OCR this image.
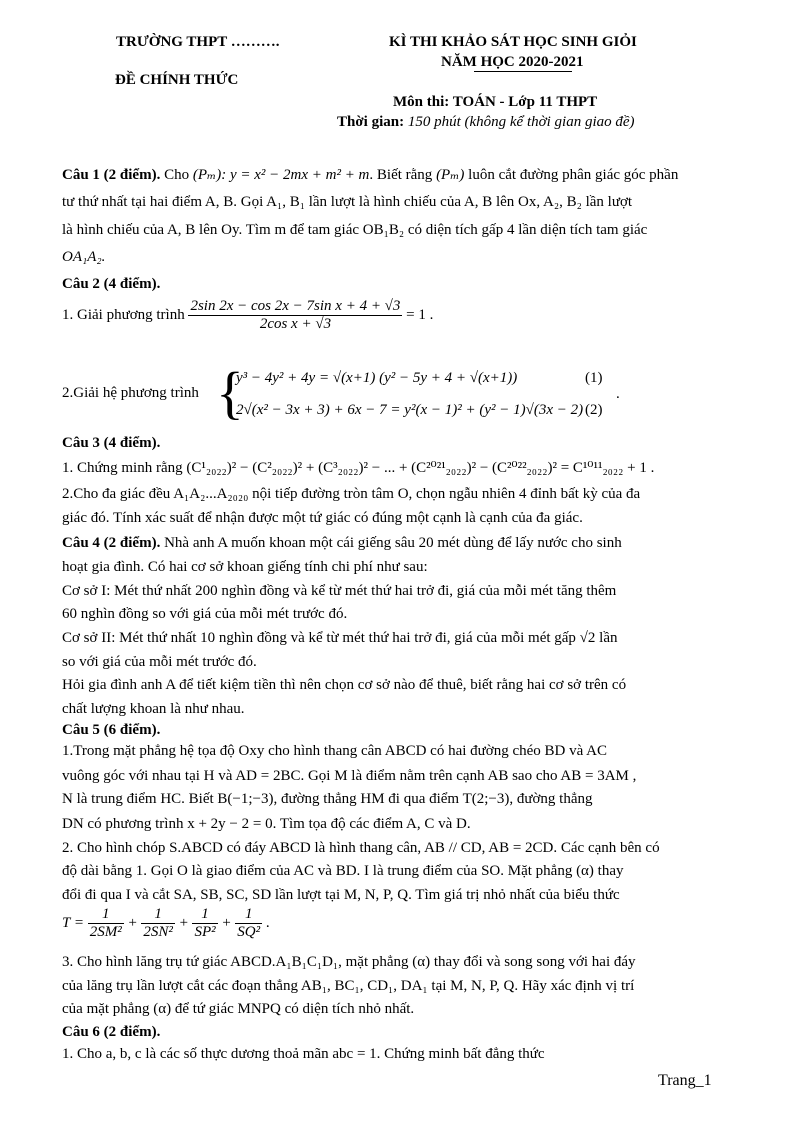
TRƯỜNG THPT ……….
ĐỀ CHÍNH THỨC
KÌ THI KHẢO SÁT HỌC SINH GIỎI
NĂM HỌC 2020-2021
Môn thi: TOÁN - Lớp 11 THPT
Thời gian: 150 phút (không kể thời gian giao đề)
Câu 1 (2 điểm). Cho (Pₘ): y = x² − 2mx + m² + m. Biết rằng (Pₘ) luôn cắt đường phân giác góc phần
tư thứ nhất tại hai điểm A, B. Gọi A₁, B₁ lần lượt là hình chiếu của A, B lên Ox, A₂, B₂ lần lượt
là hình chiếu của A, B lên Oy. Tìm m để tam giác OB₁B₂ có diện tích gấp 4 lần diện tích tam giác
OA₁A₂.
Câu 2 (4 điểm).
1. Giải phương trình $\frac{\text{2sin 2x − cos 2x − 7sin x + 4 + √3}}{\text{2cos x + √3}} = 1$ .
2.Giải hệ phương trình {
y³ − 4y² + 4y = √(x+1) (y² − 5y + 4 + √(x+1))	(1)
2√(x² − 3x + 3) + 6x − 7 = y²(x − 1)² + (y² − 1)√(3x − 2) (2)
.
Câu 3 (4 điểm).
1. Chứng minh rằng (C¹₂₀₂₂)² − (C²₂₀₂₂)² + (C³₂₀₂₂)² − ... + (C²⁰²¹₂₀₂₂)² − (C²⁰²²₂₀₂₂)² = C¹⁰¹¹₂₀₂₂ + 1 .
2.Cho đa giác đều A₁A₂...A₂₀₂₀ nội tiếp đường tròn tâm O, chọn ngẫu nhiên 4 đỉnh bất kỳ của đa
giác đó. Tính xác suất để nhận được một tứ giác có đúng một cạnh là cạnh của đa giác.
Câu 4 (2 điểm). Nhà anh A muốn khoan một cái giếng sâu 20 mét dùng để lấy nước cho sinh
hoạt gia đình. Có hai cơ sở khoan giếng tính chi phí như sau:
Cơ sở I: Mét thứ nhất 200 nghìn đồng và kể từ mét thứ hai trở đi, giá của mỗi mét tăng thêm
60 nghìn đồng so với giá của mỗi mét trước đó.
Cơ sở II: Mét thứ nhất 10 nghìn đồng và kể từ mét thứ hai trở đi, giá của mỗi mét gấp √2 lần
so với giá của mỗi mét trước đó.
Hỏi gia đình anh A để tiết kiệm tiền thì nên chọn cơ sở nào để thuê, biết rằng hai cơ sở trên có
chất lượng khoan là như nhau.
Câu 5 (6 điểm).
1.Trong mặt phẳng hệ tọa độ Oxy cho hình thang cân ABCD có hai đường chéo BD và AC
vuông góc với nhau tại H và AD = 2BC. Gọi M là điểm nằm trên cạnh AB sao cho AB = 3AM ,
N là trung điểm HC. Biết B(−1;−3), đường thẳng HM đi qua điểm T(2;−3), đường thẳng
DN có phương trình x + 2y − 2 = 0. Tìm tọa độ các điểm A, C và D.
2. Cho hình chóp S.ABCD có đáy ABCD là hình thang cân, AB // CD, AB = 2CD. Các cạnh bên có
độ dài bằng 1. Gọi O là giao điểm của AC và BD. I là trung điểm của SO. Mặt phẳng (α) thay
đổi đi qua I và cắt SA, SB, SC, SD lần lượt tại M, N, P, Q. Tìm giá trị nhỏ nhất của biểu thức
$T = \frac{1}{\text{2SM²}} + \frac{1}{\text{2SN²}} + \frac{1}{\text{SP²}} + \frac{1}{\text{SQ²}}$ .
3. Cho hình lăng trụ tứ giác ABCD.A₁B₁C₁D₁, mặt phẳng (α) thay đổi và song song với hai đáy
của lăng trụ lần lượt cắt các đoạn thẳng AB₁, BC₁, CD₁, DA₁ tại M, N, P, Q. Hãy xác định vị trí
của mặt phẳng (α) để tứ giác MNPQ có diện tích nhỏ nhất.
Câu 6 (2 điểm).
1. Cho a, b, c là các số thực dương thoả mãn abc = 1. Chứng minh bất đẳng thức
Trang_1
